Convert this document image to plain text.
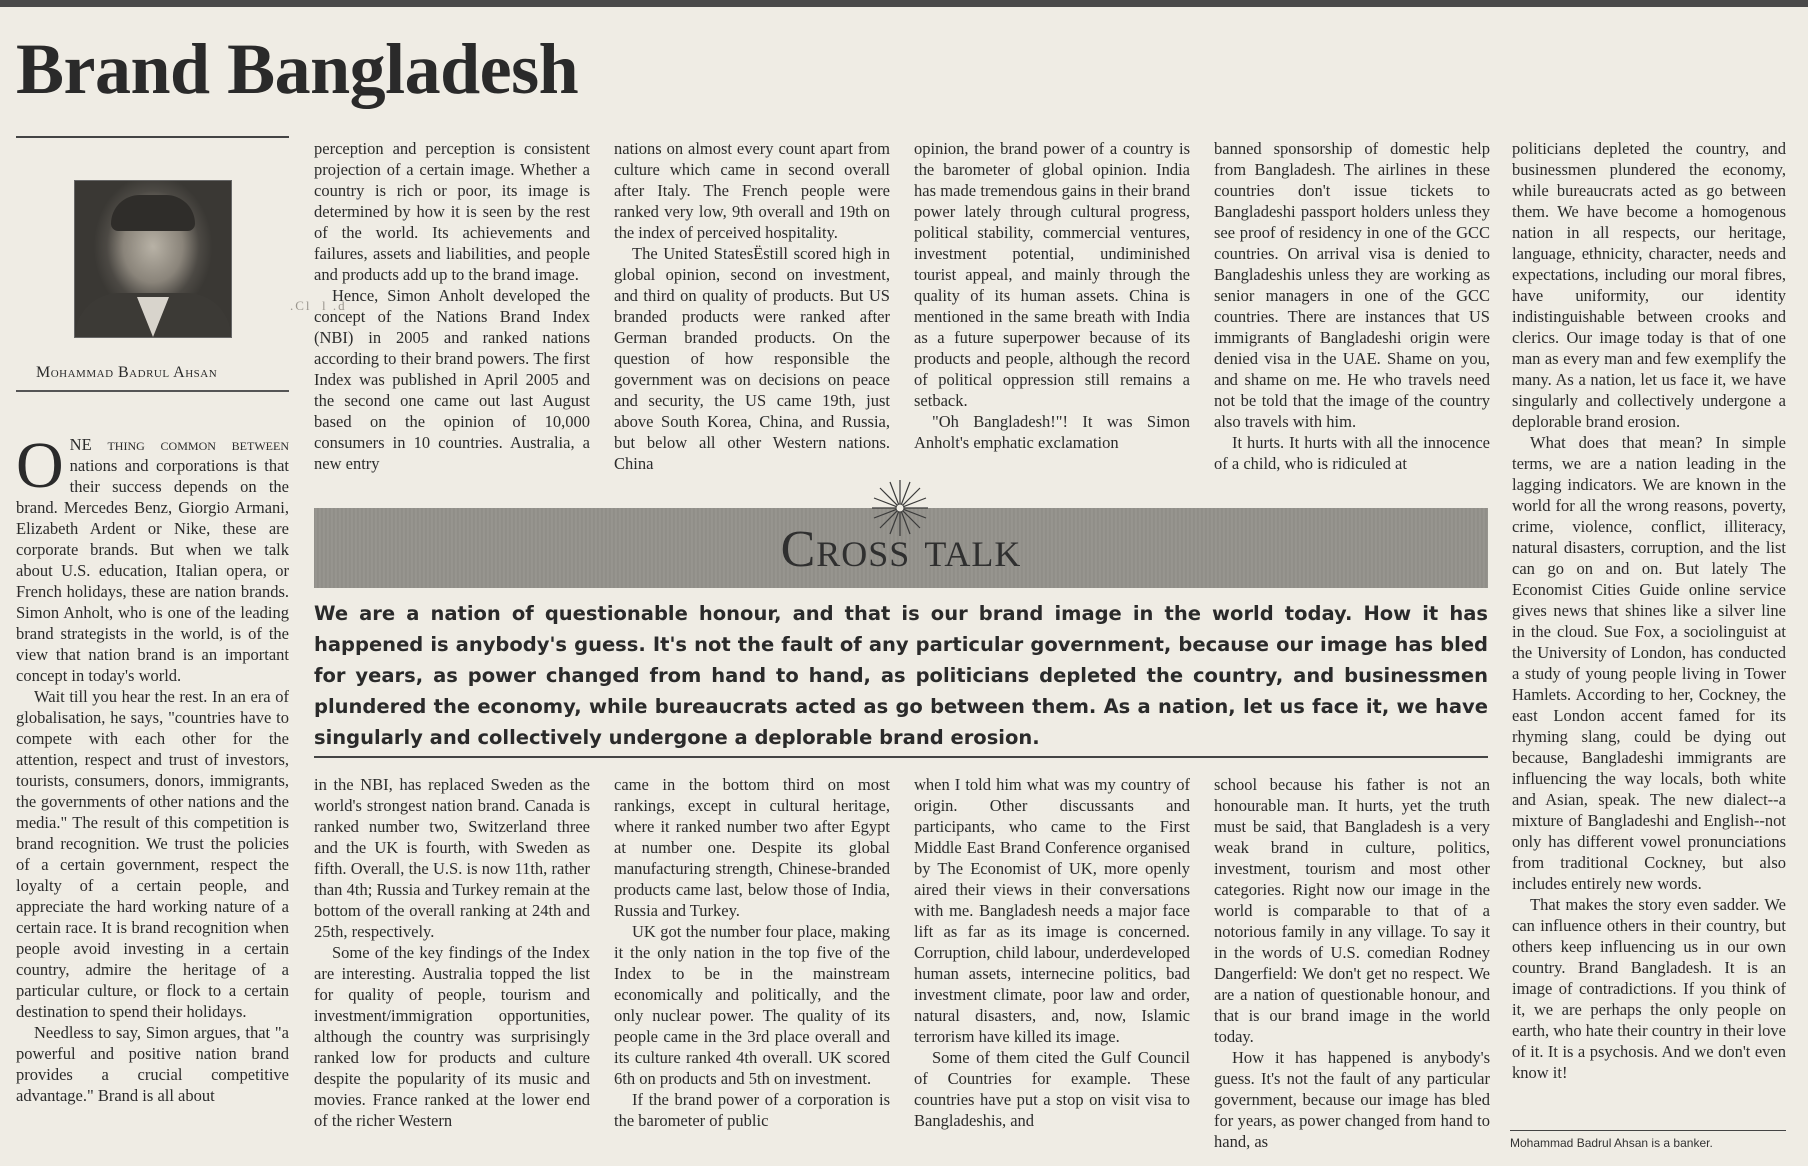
Brand Bangladesh
Mohammad Badrul Ahsan

ONE thing common between nations and corporations is that their success depends on the brand. Mercedes Benz, Giorgio Armani, Elizabeth Ardent or Nike, these are corporate brands. But when we talk about U.S. education, Italian opera, or French holidays, these are nation brands. Simon Anholt, who is one of the leading brand strategists in the world, is of the view that nation brand is an important concept in today's world.

Wait till you hear the rest. In an era of globalisation, he says, "countries have to compete with each other for the attention, respect and trust of investors, tourists, consumers, donors, immigrants, the governments of other nations and the media." The result of this competition is brand recognition. We trust the policies of a certain government, respect the loyalty of a certain people, and appreciate the hard working nature of a certain race. It is brand recognition when people avoid investing in a certain country, admire the heritage of a particular culture, or flock to a certain destination to spend their holidays.

Needless to say, Simon argues, that "a powerful and positive nation brand provides a crucial competitive advantage." Brand is all about

perception and perception is consistent projection of a certain image. Whether a country is rich or poor, its image is determined by how it is seen by the rest of the world. Its achievements and failures, assets and liabilities, and people and products add up to the brand image.

Hence, Simon Anholt developed the concept of the Nations Brand Index (NBI) in 2005 and ranked nations according to their brand powers. The first Index was published in April 2005 and the second one came out last August based on the opinion of 10,000 consumers in 10 countries. Australia, a new entry

.Cl  l .d

nations on almost every count apart from culture which came in second overall after Italy. The French people were ranked very low, 9th overall and 19th on the index of perceived hospitality.

The United StatesËstill scored high in global opinion, second on investment, and third on quality of products. But US branded products were ranked after German branded products. On the question of how responsible the government was on decisions on peace and security, the US came 19th, just above South Korea, China, and Russia, but below all other Western nations. China

opinion, the brand power of a country is the barometer of global opinion. India has made tremendous gains in their brand power lately through cultural progress, political stability, commercial ventures, investment potential, undiminished tourist appeal, and mainly through the quality of its human assets. China is mentioned in the same breath with India as a future superpower because of its products and people, although the record of political oppression still remains a setback.

"Oh Bangladesh!"! It was Simon Anholt's emphatic exclamation

banned sponsorship of domestic help from Bangladesh. The airlines in these countries don't issue tickets to Bangladeshi passport holders unless they see proof of residency in one of the GCC countries. On arrival visa is denied to Bangladeshis unless they are working as senior managers in one of the GCC countries. There are instances that US immigrants of Bangladeshi origin were denied visa in the UAE. Shame on you, and shame on me. He who travels need not be told that the image of the country also travels with him.

It hurts. It hurts with all the innocence of a child, who is ridiculed at

Cross talk

We are a nation of questionable honour, and that is our brand image in the world today. How it has happened is anybody's guess. It's not the fault of any particular government, because our image has bled for years, as power changed from hand to hand, as politicians depleted the country, and businessmen plundered the economy, while bureaucrats acted as go between them. As a nation, let us face it, we have singularly and collectively undergone a deplorable brand erosion.

in the NBI, has replaced Sweden as the world's strongest nation brand. Canada is ranked number two, Switzerland three and the UK is fourth, with Sweden as fifth. Overall, the U.S. is now 11th, rather than 4th; Russia and Turkey remain at the bottom of the overall ranking at 24th and 25th, respectively.

Some of the key findings of the Index are interesting. Australia topped the list for quality of people, tourism and investment/immigration opportunities, although the country was surprisingly ranked low for products and culture despite the popularity of its music and movies. France ranked at the lower end of the richer Western

came in the bottom third on most rankings, except in cultural heritage, where it ranked number two after Egypt at number one. Despite its global manufacturing strength, Chinese-branded products came last, below those of India, Russia and Turkey.

UK got the number four place, making it the only nation in the top five of the Index to be in the mainstream economically and politically, and the only nuclear power. The quality of its people came in the 3rd place overall and its culture ranked 4th overall. UK scored 6th on products and 5th on investment.

If the brand power of a corporation is the barometer of public

when I told him what was my country of origin. Other discussants and participants, who came to the First Middle East Brand Conference organised by The Economist of UK, more openly aired their views in their conversations with me. Bangladesh needs a major face lift as far as its image is concerned. Corruption, child labour, underdeveloped human assets, internecine politics, bad investment climate, poor law and order, natural disasters, and, now, Islamic terrorism have killed its image.

Some of them cited the Gulf Council of Countries for example. These countries have put a stop on visit visa to Bangladeshis, and

school because his father is not an honourable man. It hurts, yet the truth must be said, that Bangladesh is a very weak brand in culture, politics, investment, tourism and most other categories. Right now our image in the world is comparable to that of a notorious family in any village. To say it in the words of U.S. comedian Rodney Dangerfield: We don't get no respect. We are a nation of questionable honour, and that is our brand image in the world today.

How it has happened is anybody's guess. It's not the fault of any particular government, because our image has bled for years, as power changed from hand to hand, as

politicians depleted the country, and businessmen plundered the economy, while bureaucrats acted as go between them. We have become a homogenous nation in all respects, our heritage, language, ethnicity, character, needs and expectations, including our moral fibres, have uniformity, our identity indistinguishable between crooks and clerics. Our image today is that of one man as every man and few exemplify the many. As a nation, let us face it, we have singularly and collectively undergone a deplorable brand erosion.

What does that mean? In simple terms, we are a nation leading in the lagging indicators. We are known in the world for all the wrong reasons, poverty, crime, violence, conflict, illiteracy, natural disasters, corruption, and the list can go on and on. But lately The Economist Cities Guide online service gives news that shines like a silver line in the cloud. Sue Fox, a sociolinguist at the University of London, has conducted a study of young people living in Tower Hamlets. According to her, Cockney, the east London accent famed for its rhyming slang, could be dying out because, Bangladeshi immigrants are influencing the way locals, both white and Asian, speak. The new dialect--a mixture of Bangladeshi and English--not only has different vowel pronunciations from traditional Cockney, but also includes entirely new words.

That makes the story even sadder. We can influence others in their country, but others keep influencing us in our own country. Brand Bangladesh. It is an image of contradictions. If you think of it, we are perhaps the only people on earth, who hate their country in their love of it. It is a psychosis. And we don't even know it!

Mohammad Badrul Ahsan is a banker.
